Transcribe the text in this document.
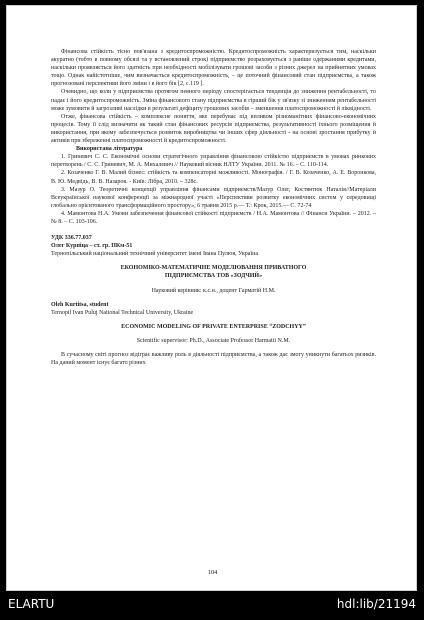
Фінансова стійкість тісно пов'язана з кредитоспроможністю. Кредитоспроможність характеризується тим, наскільки акуратно (тобто в повному обсязі та у встановлений строк) підприємство розраховується з раніше одержаними кредитами, наскільки проявляється його здатність при необхідності мобілізувати грошові засоби з різних джерел на прийнятних умовах тощо. Однак найістотніше, чим визначається кредитоспроможність, – це поточний фінансовий стан підприємства, а також прогнозовані перспективи його зміни і в його бік [2, с.119 ].

Очевидно, що коли у підприємства протягом певного періоду спостерігається тенденція до зниження рентабельності, то падає і його кредитоспроможність. Зміна фінансового стану підприємства в гірший бік у зв'язку зі зниженням рентабельності може зумовити й загрозливі наслідки в результаті дефіциту грошових засобів – зменшення платоспроможності й ліквідності.

Отже, фінансова стійкість – комплексне поняття, яке перебуває під впливом різноманітних фінансово-економічних процесів. Тому її слід визначити як такий стан фінансових ресурсів підприємства, результативності їхнього розміщення й використання, при якому забезпечується розвиток виробництва чи інших сфер діяльності - на основі зростання прибутку й активів при збереженні платоспроможності й кредитоспроможності.

Використана література

1. Гриневич С. С. Економічні основи стратегічного управління фінансовою стійкістю підприємств в умовах ринкових перетворень / С. С. Гриневич, М. А. Михалевич // Науковий вісник НЛТУ України. 2011. № 16. – С. 110-114.

2. Козаченко Г. В. Малий бізнес: стійкість та компенсаторні можливості. Монографія. / Г. В. Козаченко, А. Е. Воронкова, В. Ю. Медвідь, В. В. Назаров. - Київ: Лібра, 2010. – 328с.

3. Мазур О. Теоретичні концепції управління фінансами підприємств/Мазур Олег, Костянтюк Наталія//Матеріали Всеукраїнської наукової конференції за міжнародної участі «Перспективи розвитку економічних систем у середовищі глобально орієнтованого трансформаційного простору», 6 травня 2015 р.— Т.: Крок, 2015.— С. 72-74

4. Мамонтова Н.А. Умови забезпечення фінансової стійкості підприємств / Н.А. Мамонтова // Фінанси України. – 2012. – № 8. – С. 103-106.

УДК 336.77.037

Олег Курпіца – ст. гр. ПКм-51

Тернопільський національний технічний університет імені Івана Пулюя, Україна

ЕКОНОМІКО-МАТЕМАТИЧНЕ МОДЕЛЮВАННЯ ПРИВАТНОГО

ПІДПРИЄМСТВА ТОВ «ЗОДЧИЙ»

Науковий керівник: к.с.н., доцент Гарматій Н.М.

Oleh Kurtitsa, student

Ternopil Ivan Puluj National Technical University, Ukraine

ECONOMIC MODELING OF PRIVATE ENTERPRISE “ZODCHYY”

Scientific supervisor: Ph.D., Associate Professor Harmatii N.M.

В сучасному світі прогноз відіграє важливу роль в діяльності підприємства, а також дає змогу уникнути багатьох ризиків. На даний момент існує багато різних

104
ELARTU	hdl:lib/21194
